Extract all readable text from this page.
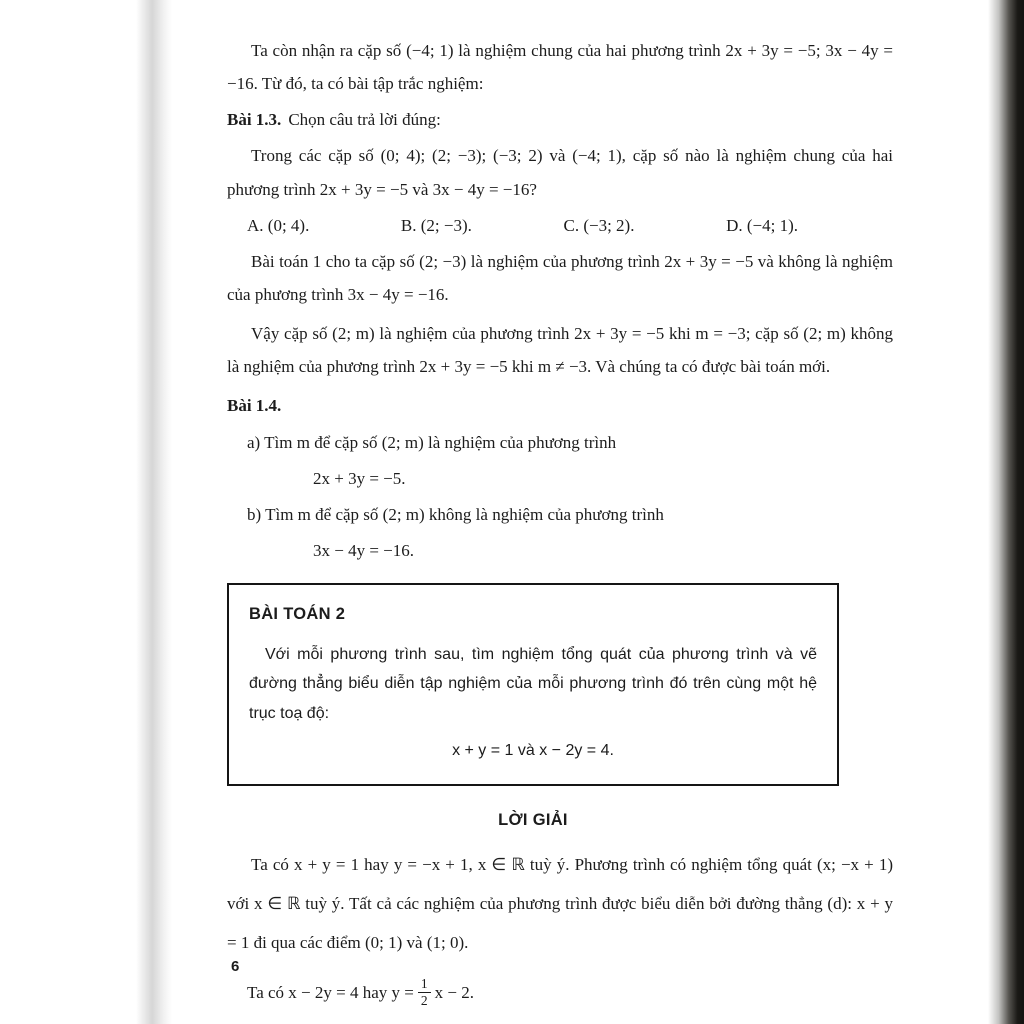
Ta còn nhận ra cặp số (−4; 1) là nghiệm chung của hai phương trình 2x + 3y = −5; 3x − 4y = −16. Từ đó, ta có bài tập trắc nghiệm:

Bài 1.3. Chọn câu trả lời đúng:

Trong các cặp số (0; 4); (2; −3); (−3; 2) và (−4; 1), cặp số nào là nghiệm chung của hai phương trình 2x + 3y = −5 và 3x − 4y = −16?

A. (0; 4).	B. (2; −3).	C. (−3; 2).	D. (−4; 1).

Bài toán 1 cho ta cặp số (2; −3) là nghiệm của phương trình 2x + 3y = −5 và không là nghiệm của phương trình 3x − 4y = −16.

Vậy cặp số (2; m) là nghiệm của phương trình 2x + 3y = −5 khi m = −3; cặp số (2; m) không là nghiệm của phương trình 2x + 3y = −5 khi m ≠ −3. Và chúng ta có được bài toán mới.

Bài 1.4.

a) Tìm m để cặp số (2; m) là nghiệm của phương trình

2x + 3y = −5.

b) Tìm m để cặp số (2; m) không là nghiệm của phương trình

3x − 4y = −16.

BÀI TOÁN 2

Với mỗi phương trình sau, tìm nghiệm tổng quát của phương trình và vẽ đường thẳng biểu diễn tập nghiệm của mỗi phương trình đó trên cùng một hệ trục toạ độ:

x + y = 1 và x − 2y = 4.
LỜI GIẢI

Ta có x + y = 1 hay y = −x + 1, x ∈ ℝ tuỳ ý. Phương trình có nghiệm tổng quát (x; −x + 1) với x ∈ ℝ tuỳ ý. Tất cả các nghiệm của phương trình được biểu diễn bởi đường thẳng (d): x + y = 1 đi qua các điểm (0; 1) và (1; 0).

Ta có x − 2y = 4 hay $y = \frac{1}{2}$ x − 2.

6
